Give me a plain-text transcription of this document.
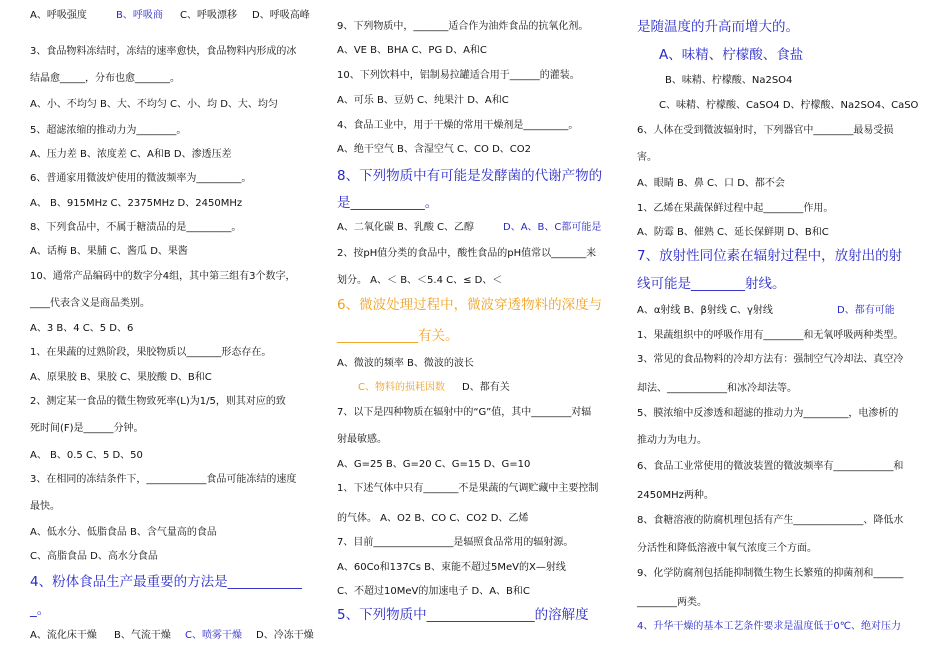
A、呼吸强度	B、呼吸商 C、呼吸漂移 D、呼吸高峰
3、食品物料冻结时，冻结的速率愈快，食品物料内形成的冰
结晶愈_____，分布也愈_______。
A、小、不均匀 B、大、不均匀 C、小、均 D、大、均匀
5、超滤浓缩的推动力为________。
A、压力差 B、浓度差 C、A和B D、渗透压差
6、普通家用微波炉使用的微波频率为_________。
A、 B、915MHz C、2375MHz D、2450MHz
8、下列食品中，不属于糖渍品的是_________。
A、话梅 B、果脯 C、酱瓜 D、果酱
10、通常产品编码中的数字分4组，其中第三组有3个数字，
____代表含义是商品类别。
A、3 B、4 C、5 D、6
1、在果蔬的过熟阶段，果胶物质以_______形态存在。
A、原果胶 B、果胶 C、果胶酸 D、B和C
2、测定某一食品的微生物致死率(L)为1/5，则其对应的致
死时间(F)是______分钟。
A、 B、0.5 C、5 D、50
3、在相同的冻结条件下，____________食品可能冻结的速度
最快。
A、低水分、低脂食品 B、含气量高的食品
C、高脂食品 D、高水分食品
4、粉体食品生产最重要的方法是___________
_。
A、流化床干燥 B、气流干燥 C、喷雾干燥 D、冷冻干燥
9、下列物质中，_______适合作为油炸食品的抗氧化剂。
A、VE B、BHA C、PG D、A和C
10、下列饮料中，铝制易拉罐适合用于______的灌装。
A、可乐 B、豆奶 C、纯果汁 D、A和C
4、食品工业中，用于干燥的常用干燥剂是_________。
A、绝干空气 B、含湿空气 C、CO D、CO2
8、下列物质中有可能是发酵菌的代谢产物的
是___________。
A、二氧化碳 B、乳酸 C、乙醇	D、A、B、C都可能是
2、按pH值分类的食品中，酸性食品的pH值常以_______来
划分。 A、＜ B、＜5.4 C、≤ D、＜
6、微波处理过程中，微波穿透物料的深度与
____________有关。
A、微波的频率 B、微波的波长
C、物料的损耗因数 D、都有关
7、以下是四种物质在辐射中的“G”值，其中________对辐
射最敏感。
A、G=25 B、G=20 C、G=15 D、G=10
1、下述气体中只有_______不是果蔬的气调贮藏中主要控制
的气体。 A、O2 B、CO C、CO2 D、乙烯
7、目前________________是辐照食品常用的辐射源。
A、60Co和137Cs B、束能不超过5MeV的X—射线
C、不超过10MeV的加速电子 D、A、B和C
5、下列物质中________________的溶解度
是随温度的升高而增大的。
A、味精、柠檬酸、食盐
B、味精、柠檬酸、Na2SO4
C、味精、柠檬酸、CaSO4 D、柠檬酸、Na2SO4、CaSO
6、人体在受到微波辐射时，下列器官中________最易受损
害。
A、眼睛 B、鼻 C、口 D、都不会
1、乙烯在果蔬保鲜过程中起________作用。
A、防霉 B、催熟 C、延长保鲜期 D、B和C
7、放射性同位素在辐射过程中，放射出的射
线可能是________射线。
A、α射线 B、β射线 C、γ射线	D、都有可能
1、果蔬组织中的呼吸作用有________和无氧呼吸两种类型。
3、常见的食品物料的冷却方法有：强制空气冷却法、真空冷
却法、____________和冰冷却法等。
5、膜浓缩中反渗透和超滤的推动力为_________，电渗析的
推动力为电力。
6、食品工业常使用的微波装置的微波频率有____________和
2450MHz两种。
8、食糖溶液的防腐机理包括有产生______________、降低水
分活性和降低溶液中氧气浓度三个方面。
9、化学防腐剂包括能抑制微生物生长繁殖的抑菌剂和______
________两类。
4、升华干燥的基本工艺条件要求是温度低于0℃、绝对压力
